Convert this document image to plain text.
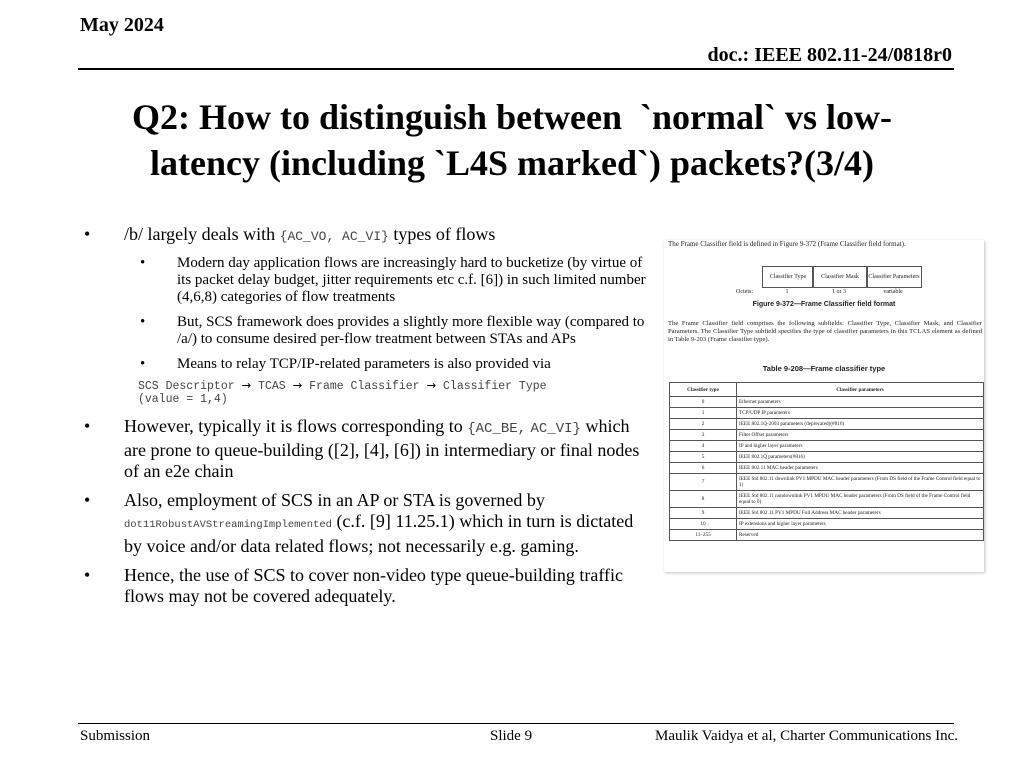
May 2024
doc.: IEEE 802.11-24/0818r0
Q2: How to distinguish between  `normal` vs low-
latency (including `L4S marked`) packets?(3/4)
• /b/ largely deals with {AC_VO, AC_VI} types of flows
• Modern day application flows are increasingly hard to bucketize (by virtue of its packet delay budget, jitter requirements etc c.f. [6]) in such limited number (4,6,8) categories of flow treatments
• But, SCS framework does provides a slightly more flexible way (compared to /a/) to consume desired per-flow treatment between STAs and APs
• Means to relay TCP/IP-related parameters is also provided via
SCS Descriptor → TCAS → Frame Classifier → Classifier Type
(value = 1,4)
• However, typically it is flows corresponding to {AC_BE, AC_VI} which are prone to queue-building ([2], [4], [6]) in intermediary or final nodes of an e2e chain
• Also, employment of SCS in an AP or STA is governed by dot11RobustAVStreamingImplemented (c.f. [9] 11.25.1) which in turn is dictated by voice and/or data related flows; not necessarily e.g. gaming.
• Hence, the use of SCS to cover non-video type queue-building traffic flows may not be covered adequately.
The Frame Classifier field is defined in Figure 9-372 (Frame Classifier field format).
Classifier Type	Classifier Mask	Classifier Parameters
Octets:	1	1 or 3	variable
Figure 9-372—Frame Classifier field format
The Frame Classifier field comprises the following subfields: Classifier Type, Classifier Mask, and Classifier Parameters. The Classifier Type subfield specifies the type of classifier parameters in this TCLAS element as defined in Table 9-203 (Frame classifier type).
Table 9-208—Frame classifier type
Classifier type	Classifier parameters
0	Ethernet parameters
1	TCP/UDP IP parameters
2	IEEE 802.1Q-2003 parameters (deprecated)(#816)
3	Filter Offset parameters
4	IP and higher layer parameters
5	IEEE 802.1Q parameters(#816)
6	IEEE 802.11 MAC header parameters
7	IEEE Std 802.11 downlink PV1 MPDU MAC header parameters (From DS field of the Frame Control field equal to 1)
8	IEEE Std 802.11 nondownlink PV1 MPDU MAC header parameters (From DS field of the Frame Control field equal to 0)
9	IEEE Std 802.11 PV1 MPDU Full Address MAC header parameters
10	IP extensions and higher layer parameters
11–255	Reserved
Submission	Slide 9	Maulik Vaidya et al, Charter Communications Inc.
